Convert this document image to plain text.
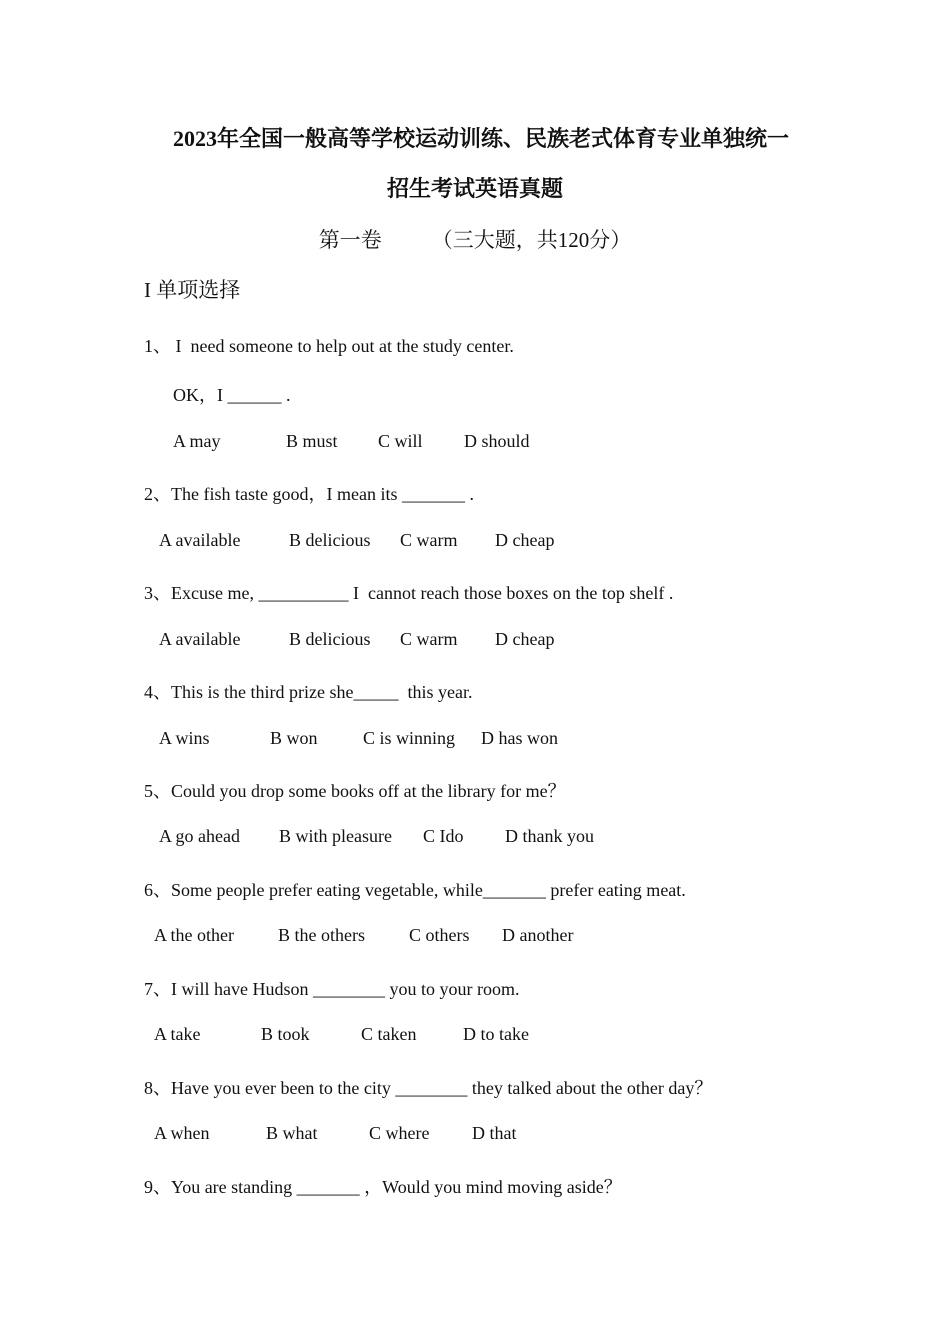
2023年全国一般高等学校运动训练、民族老式体育专业单独统一
招生考试英语真题
第一卷 （三大题，共120分）
I 单项选择
1、 I  need someone to help out at the study center.
OK，I ______ .
A may	B must C will D should
2、The fish taste good，I mean its _______ .
A available	B delicious C warm D cheap
3、Excuse me, __________ I  cannot reach those boxes on the top shelf .
A available	B delicious C warm D cheap
4、This is the third prize she_____  this year.
A wins	B won	C is winning D has won
5、Could you drop some books off at the library for me？
A go ahead B with pleasure C Ido D thank you
6、Some people prefer eating vegetable, while_______ prefer eating meat.
A the other B the others C others D another
7、I will have Hudson ________ you to your room.
A take	B took	C taken	D to take
8、Have you ever been to the city ________ they talked about the other day？
A when	B what	C where D that
9、You are standing _______ ，Would you mind moving aside？
